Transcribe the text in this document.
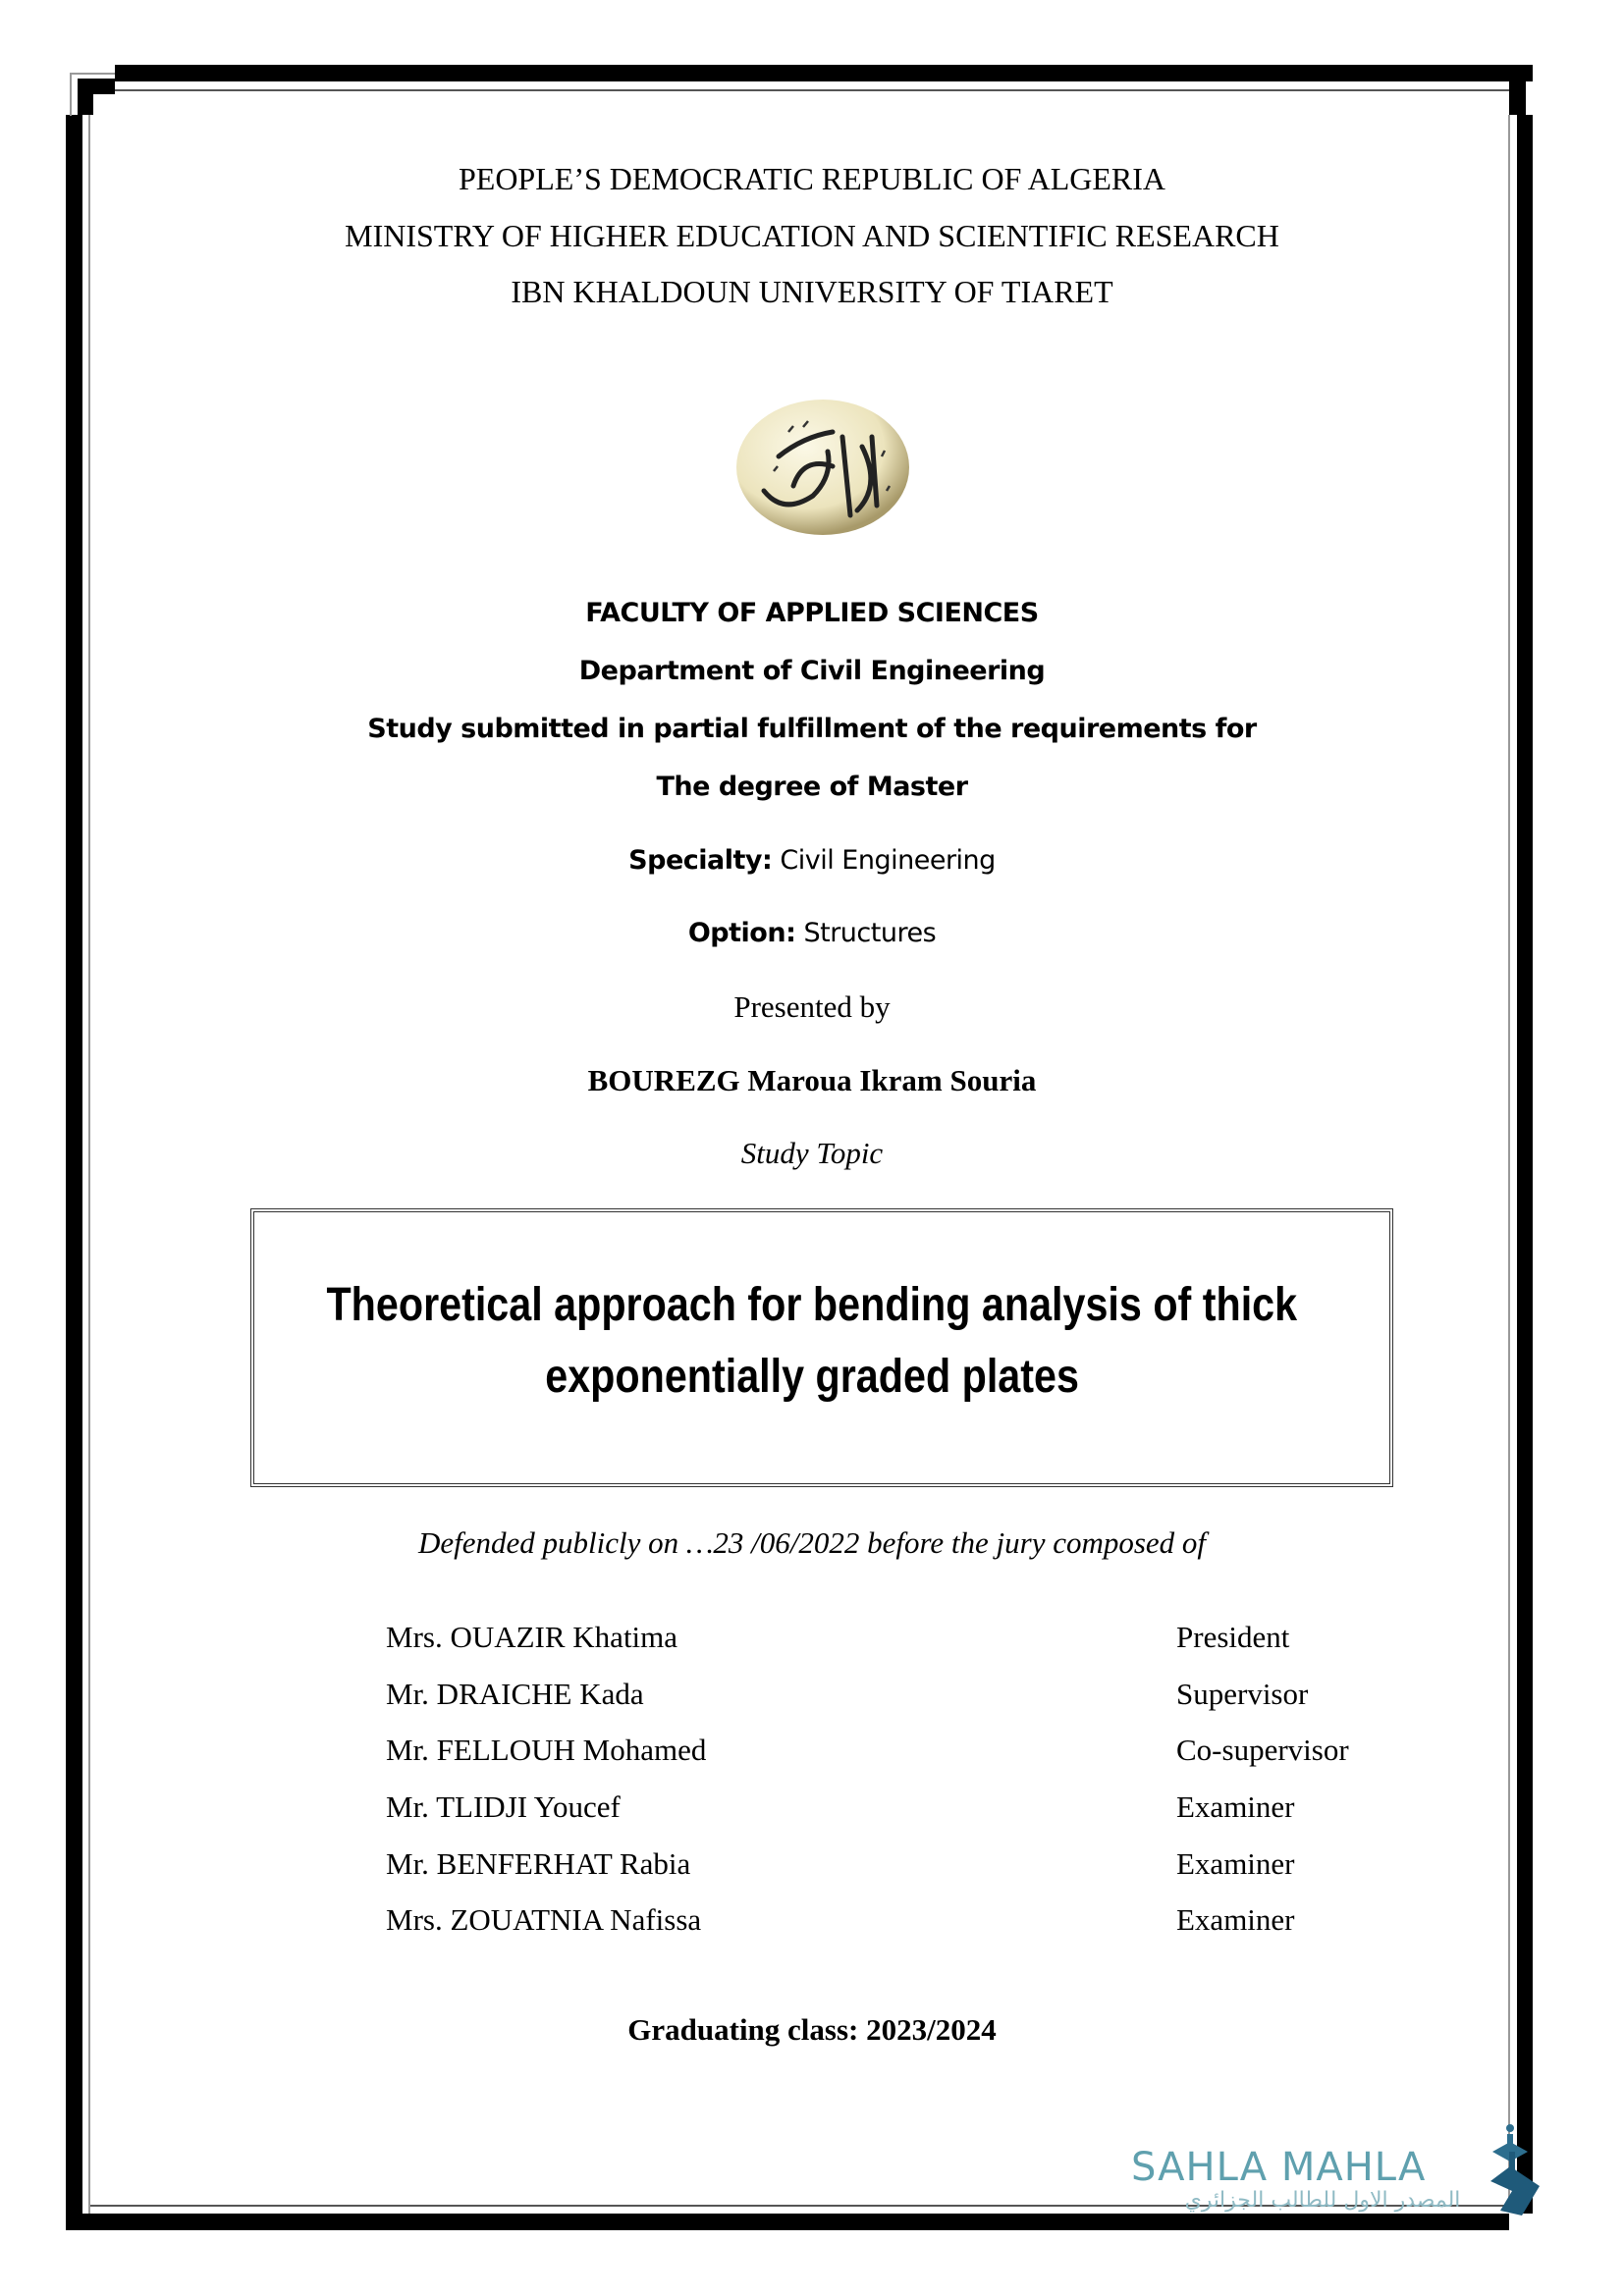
PEOPLE’S DEMOCRATIC REPUBLIC OF ALGERIA
MINISTRY OF HIGHER EDUCATION AND SCIENTIFIC RESEARCH
IBN KHALDOUN UNIVERSITY OF TIARET
FACULTY OF APPLIED SCIENCES
Department of Civil Engineering
Study submitted in partial fulfillment of the requirements for
The degree of Master
Specialty: Civil Engineering
Option: Structures
Presented by
BOUREZG Maroua Ikram Souria
Study Topic
Theoretical approach for bending analysis of thick
exponentially graded plates
Defended publicly on …23 /06/2022 before the jury composed of
Mrs. OUAZIR Khatima	President
Mr. DRAICHE Kada	Supervisor
Mr. FELLOUH Mohamed	Co-supervisor
Mr. TLIDJI Youcef	Examiner
Mr. BENFERHAT Rabia	Examiner
Mrs. ZOUATNIA Nafissa	Examiner
Graduating class: 2023/2024
SAHLA MAHLA
المصدر الاول للطالب الجزائري
